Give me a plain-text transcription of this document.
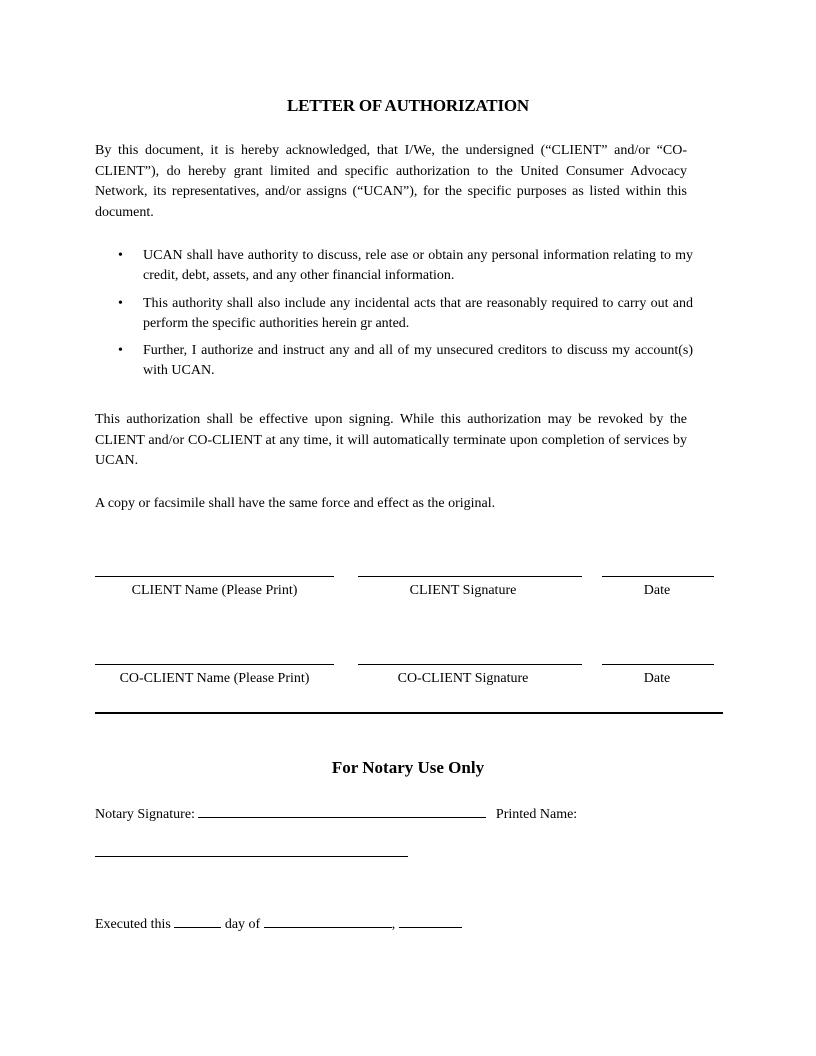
LETTER OF AUTHORIZATION
By this document, it is hereby acknowledged, that I/We, the undersigned (“CLIENT” and/or “CO-CLIENT”), do hereby grant limited and specific authorization to the United Consumer Advocacy Network, its representatives, and/or assigns (“UCAN”), for the specific purposes as listed within this document.
• UCAN shall have authority to discuss, rele ase or obtain any personal information relating to my credit, debt, assets, and any other financial information.
• This authority shall also include any incidental acts that are reasonably required to carry out and perform the specific authorities herein gr anted.
• Further, I authorize and instruct any and all of my unsecured creditors to discuss my account(s) with UCAN.
This authorization shall be effective upon signing. While this authorization may be revoked by the CLIENT and/or CO-CLIENT at any time, it will automatically terminate upon completion of services by UCAN.
A copy or facsimile shall have the same force and effect as the original.
CLIENT Name (Please Print)	CLIENT Signature	Date
CO-CLIENT Name (Please Print)	CO-CLIENT Signature	Date
For Notary Use Only
Notary Signature:	Printed Name:
Executed this	day of	,
